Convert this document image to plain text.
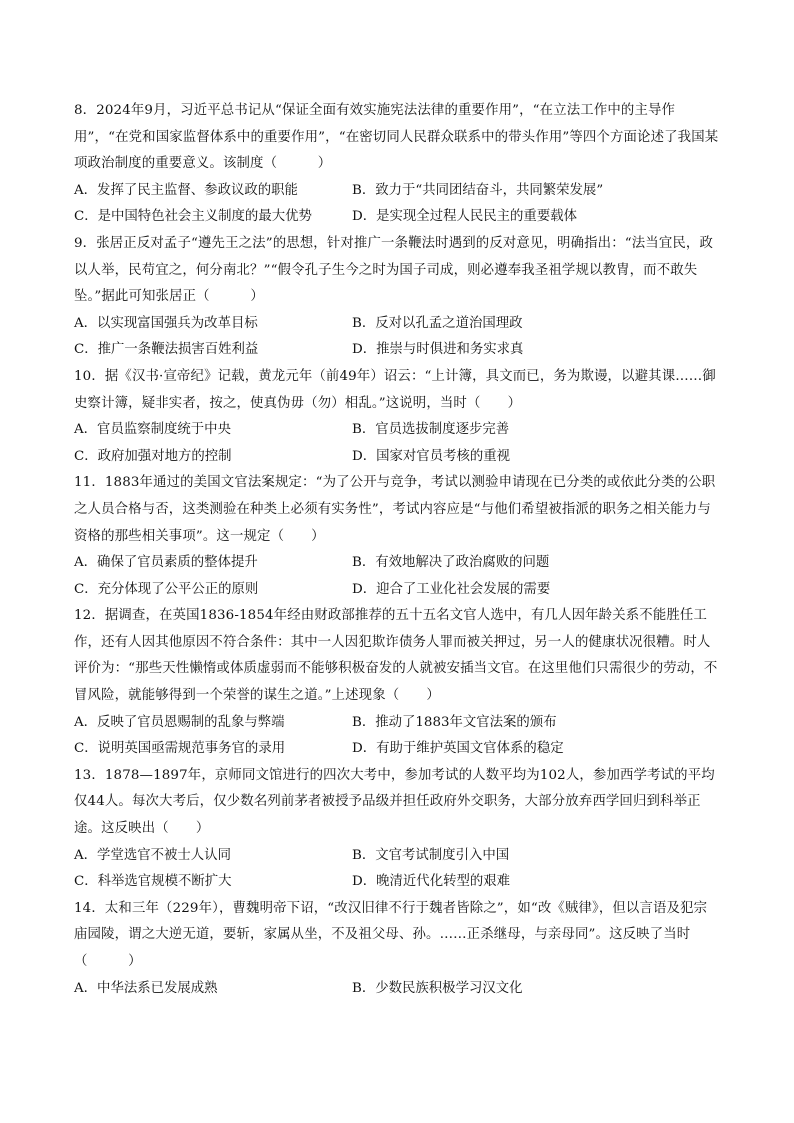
8．2024年9月，习近平总书记从“保证全面有效实施宪法法律的重要作用”，“在立法工作中的主导作用”，“在党和国家监督体系中的重要作用”，“在密切同人民群众联系中的带头作用”等四个方面论述了我国某项政治制度的重要意义。该制度（　　　）

A．发挥了民主监督、参政议政的职能	B．致力于“共同团结奋斗，共同繁荣发展”
C．是中国特色社会主义制度的最大优势	D．是实现全过程人民民主的重要载体

9．张居正反对孟子“遵先王之法”的思想，针对推广一条鞭法时遇到的反对意见，明确指出：“法当宜民，政以人举，民苟宜之，何分南北？”“假令孔子生今之时为国子司成，则必遵奉我圣祖学规以教冑，而不敢失坠。”据此可知张居正（　　　）

A．以实现富国强兵为改革目标	B．反对以孔孟之道治国理政
C．推广一条鞭法损害百姓利益	D．推崇与时俱进和务实求真

10．据《汉书·宣帝纪》记载，黄龙元年（前49年）诏云：“上计簿，具文而已，务为欺谩，以避其课……御史察计簿，疑非实者，按之，使真伪毋（勿）相乱。”这说明，当时（　　）

A．官员监察制度统于中央	B．官员选拔制度逐步完善
C．政府加强对地方的控制	D．国家对官员考核的重视

11．1883年通过的美国文官法案规定：“为了公开与竞争，考试以测验申请现在已分类的或依此分类的公职之人员合格与否，这类测验在种类上必须有实务性”，考试内容应是“与他们希望被指派的职务之相关能力与资格的那些相关事项”。这一规定（　　）

A．确保了官员素质的整体提升	B．有效地解决了政治腐败的问题
C．充分体现了公平公正的原则	D．迎合了工业化社会发展的需要

12．据调查，在英国1836-1854年经由财政部推荐的五十五名文官人选中，有几人因年龄关系不能胜任工作，还有人因其他原因不符合条件：其中一人因犯欺诈债务人罪而被关押过，另一人的健康状况很糟。时人评价为：“那些天性懒惰或体质虚弱而不能够积极奋发的人就被安插当文官。在这里他们只需很少的劳动，不冒风险，就能够得到一个荣誉的谋生之道。”上述现象（　　）

A．反映了官员恩赐制的乱象与弊端	B．推动了1883年文官法案的颁布
C．说明英国亟需规范事务官的录用	D．有助于维护英国文官体系的稳定

13．1878—1897年，京师同文馆进行的四次大考中，参加考试的人数平均为102人，参加西学考试的平均仅44人。每次大考后，仅少数名列前茅者被授予品级并担任政府外交职务，大部分放弃西学回归到科举正途。这反映出（　　）

A．学堂选官不被士人认同	B．文官考试制度引入中国
C．科举选官规模不断扩大	D．晚清近代化转型的艰难

14．太和三年（229年），曹魏明帝下诏，“改汉旧律不行于魏者皆除之”，如“改《贼律》，但以言语及犯宗庙园陵，谓之大逆无道，要斩，家属从坐，不及祖父母、孙。……正杀继母，与亲母同”。这反映了当时（　　　）

A．中华法系已发展成熟	B．少数民族积极学习汉文化
